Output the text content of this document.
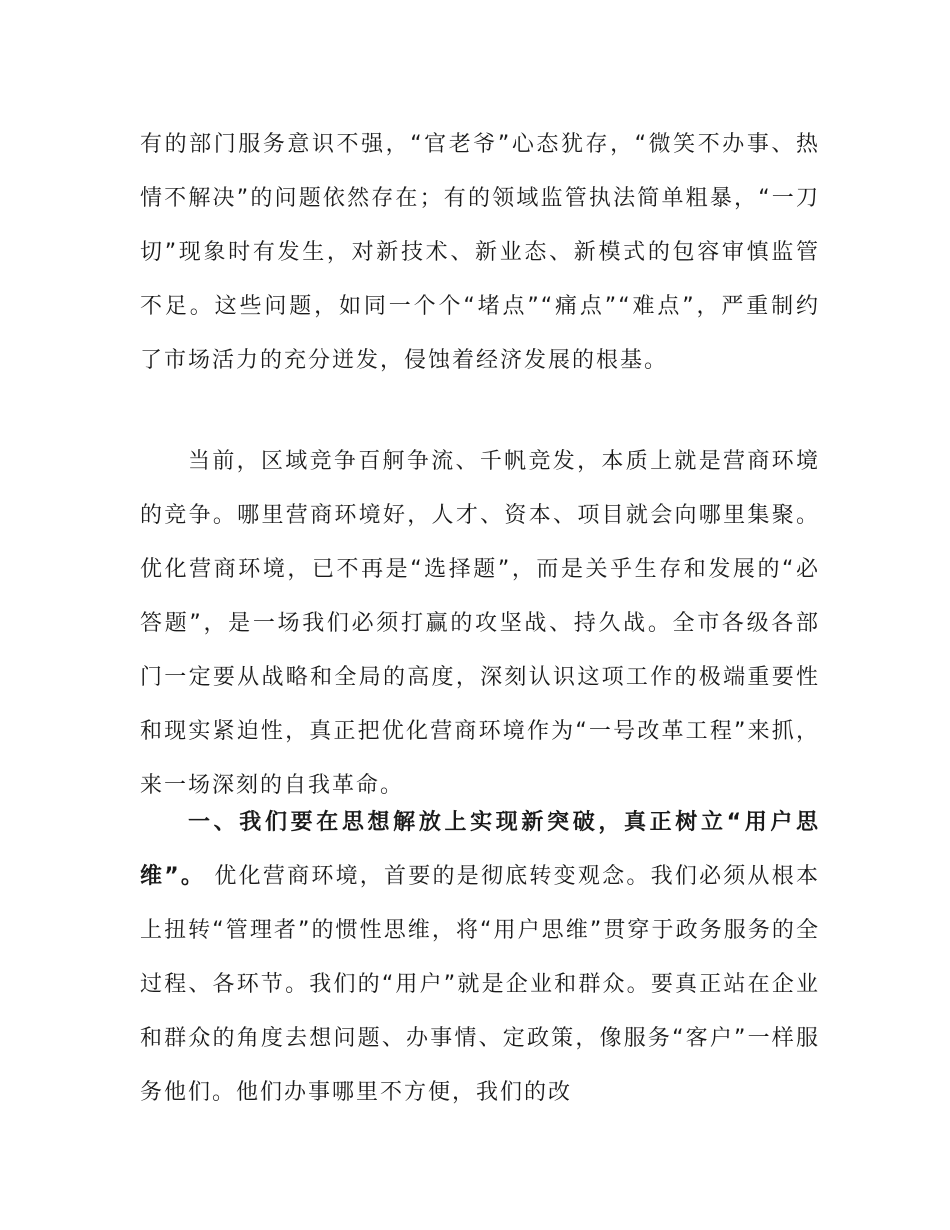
有的部门服务意识不强，“官老爷”心态犹存，“微笑不办事、热情不解决”的问题依然存在；有的领域监管执法简单粗暴，“一刀切”现象时有发生，对新技术、新业态、新模式的包容审慎监管不足。这些问题，如同一个个“堵点”“痛点”“难点”，严重制约了市场活力的充分迸发，侵蚀着经济发展的根基。

当前，区域竞争百舸争流、千帆竞发，本质上就是营商环境的竞争。哪里营商环境好，人才、资本、项目就会向哪里集聚。优化营商环境，已不再是“选择题”，而是关乎生存和发展的“必答题”，是一场我们必须打赢的攻坚战、持久战。全市各级各部门一定要从战略和全局的高度，深刻认识这项工作的极端重要性和现实紧迫性，真正把优化营商环境作为“一号改革工程”来抓，来一场深刻的自我革命。

一、我们要在思想解放上实现新突破，真正树立“用户思维”。 优化营商环境，首要的是彻底转变观念。我们必须从根本上扭转“管理者”的惯性思维，将“用户思维”贯穿于政务服务的全过程、各环节。我们的“用户”就是企业和群众。要真正站在企业和群众的角度去想问题、办事情、定政策，像服务“客户”一样服务他们。他们办事哪里不方便，我们的改
